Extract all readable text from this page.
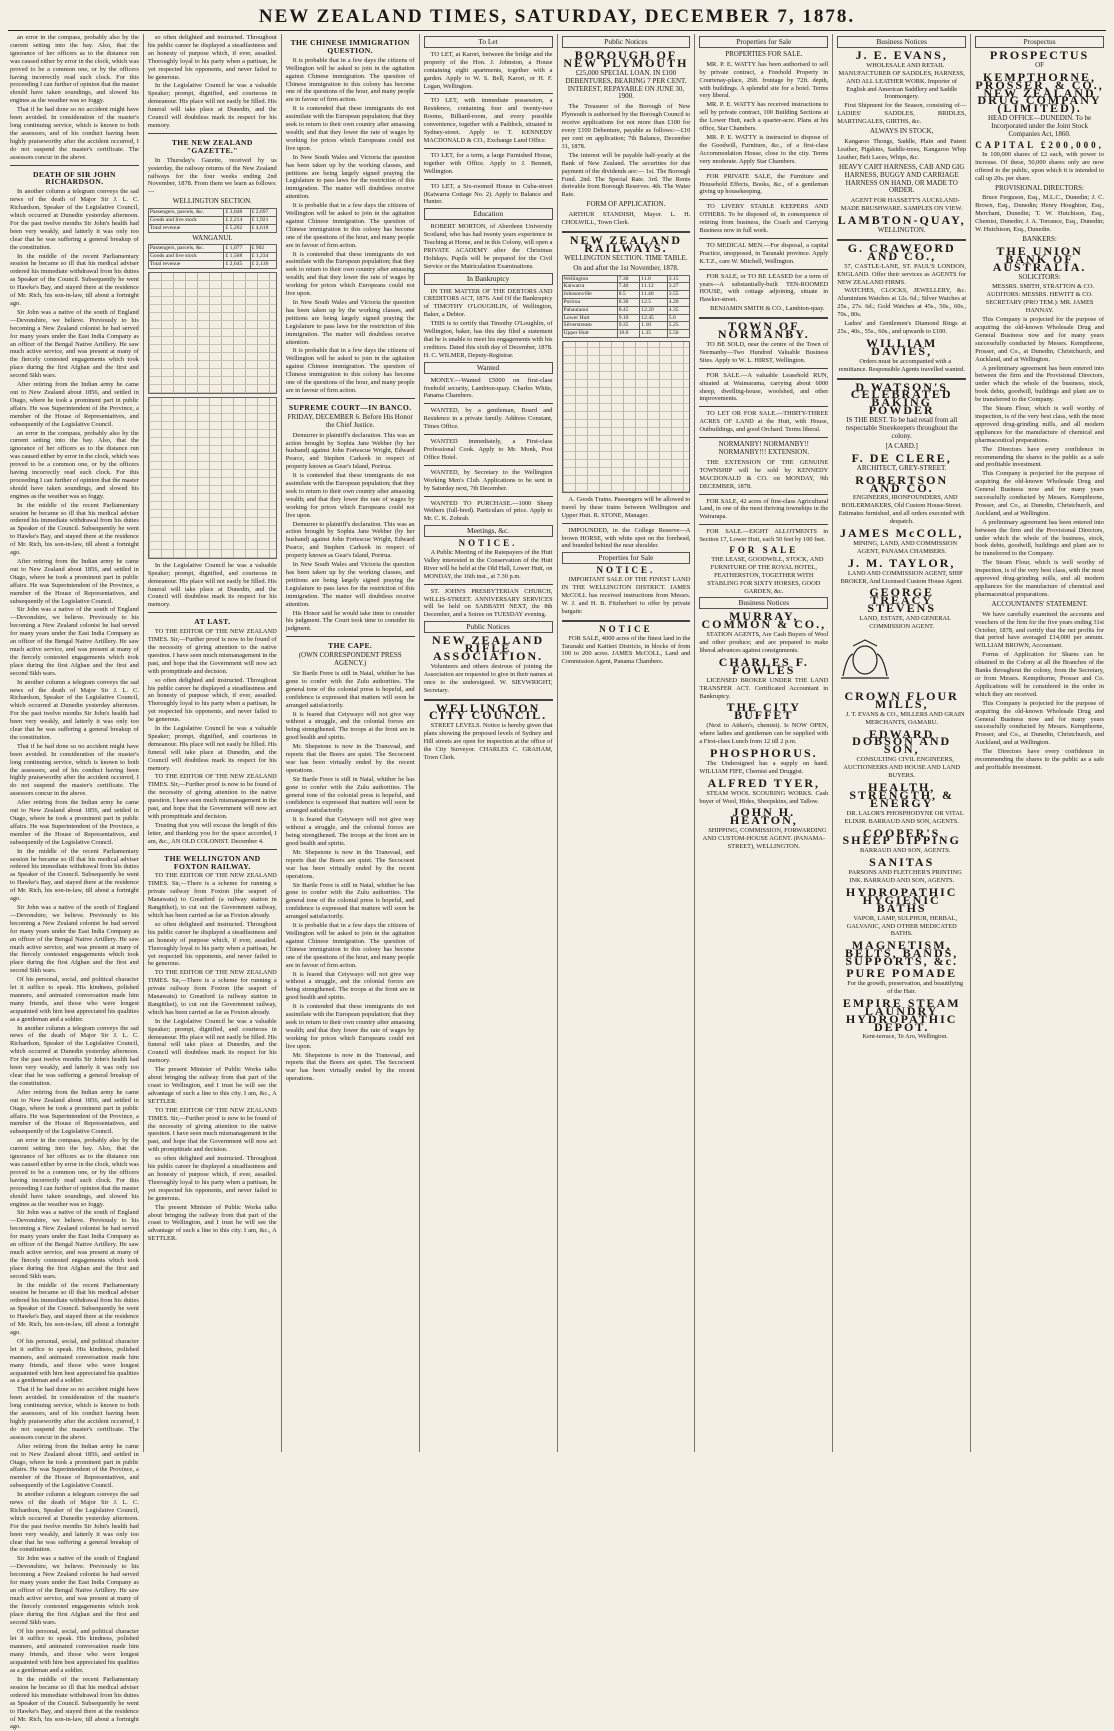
NEW ZEALAND TIMES, SATURDAY, DECEMBER 7, 1878.

an error in the compass, probably also by the current setting into the bay. Also, that the ignorance of her officers as to the distance run was caused either by error in the clock, which was proved to be a common one, or by the officers having incorrectly read such clock. For this proceeding I can further of opinion that the master should have taken soundings, and slowed his engines as the weather was so foggy.

That if he had done so no accident might have been avoided. In consideration of the master's long continuing service, which is known to both the assessors, and of his conduct having been highly praiseworthy after the accident occurred, I do not suspend the master's certificate. The assessors concur in the above.

DEATH OF SIR JOHN RICHARDSON.

In another column a telegram conveys the sad news of the death of Major Sir J. L. C. Richardson, Speaker of the Legislative Council, which occurred at Dunedin yesterday afternoon. For the past twelve months Sir John's health had been very weakly, and latterly it was only too clear that he was suffering a general breakup of the constitution.

In the middle of the recent Parliamentary session he became so ill that his medical adviser ordered his immediate withdrawal from his duties as Speaker of the Council. Subsequently he went to Hawke's Bay, and stayed there at the residence of Mr. Rich, his son-in-law, till about a fortnight ago.

Sir John was a native of the south of England—Devonshire, we believe. Previously to his becoming a New Zealand colonist he had served for many years under the East India Company as an officer of the Bengal Native Artillery. He saw much active service, and was present at many of the fiercely contested engagements which took place during the first Afghan and the first and second Sikh wars.

After retiring from the Indian army he came out to New Zealand about 1856, and settled in Otago, where he took a prominent part in public affairs. He was Superintendent of the Province, a member of the House of Representatives, and subsequently of the Legislative Council.

an error in the compass, probably also by the current setting into the bay. Also, that the ignorance of her officers as to the distance run was caused either by error in the clock, which was proved to be a common one, or by the officers having incorrectly read such clock. For this proceeding I can further of opinion that the master should have taken soundings, and slowed his engines as the weather was so foggy.

In the middle of the recent Parliamentary session he became so ill that his medical adviser ordered his immediate withdrawal from his duties as Speaker of the Council. Subsequently he went to Hawke's Bay, and stayed there at the residence of Mr. Rich, his son-in-law, till about a fortnight ago.

After retiring from the Indian army he came out to New Zealand about 1856, and settled in Otago, where he took a prominent part in public affairs. He was Superintendent of the Province, a member of the House of Representatives, and subsequently of the Legislative Council.

Sir John was a native of the south of England—Devonshire, we believe. Previously to his becoming a New Zealand colonist he had served for many years under the East India Company as an officer of the Bengal Native Artillery. He saw much active service, and was present at many of the fiercely contested engagements which took place during the first Afghan and the first and second Sikh wars.

In another column a telegram conveys the sad news of the death of Major Sir J. L. C. Richardson, Speaker of the Legislative Council, which occurred at Dunedin yesterday afternoon. For the past twelve months Sir John's health had been very weakly, and latterly it was only too clear that he was suffering a general breakup of the constitution.

That if he had done so no accident might have been avoided. In consideration of the master's long continuing service, which is known to both the assessors, and of his conduct having been highly praiseworthy after the accident occurred, I do not suspend the master's certificate. The assessors concur in the above.

After retiring from the Indian army he came out to New Zealand about 1856, and settled in Otago, where he took a prominent part in public affairs. He was Superintendent of the Province, a member of the House of Representatives, and subsequently of the Legislative Council.

In the middle of the recent Parliamentary session he became so ill that his medical adviser ordered his immediate withdrawal from his duties as Speaker of the Council. Subsequently he went to Hawke's Bay, and stayed there at the residence of Mr. Rich, his son-in-law, till about a fortnight ago.

Sir John was a native of the south of England—Devonshire, we believe. Previously to his becoming a New Zealand colonist he had served for many years under the East India Company as an officer of the Bengal Native Artillery. He saw much active service, and was present at many of the fiercely contested engagements which took place during the first Afghan and the first and second Sikh wars.

Of his personal, social, and political character let it suffice to speak. His kindness, polished manners, and animated conversation made him many friends, and those who were longest acquainted with him best appreciated his qualities as a gentleman and a soldier.

In another column a telegram conveys the sad news of the death of Major Sir J. L. C. Richardson, Speaker of the Legislative Council, which occurred at Dunedin yesterday afternoon. For the past twelve months Sir John's health had been very weakly, and latterly it was only too clear that he was suffering a general breakup of the constitution.

After retiring from the Indian army he came out to New Zealand about 1856, and settled in Otago, where he took a prominent part in public affairs. He was Superintendent of the Province, a member of the House of Representatives, and subsequently of the Legislative Council.

an error in the compass, probably also by the current setting into the bay. Also, that the ignorance of her officers as to the distance run was caused either by error in the clock, which was proved to be a common one, or by the officers having incorrectly read such clock. For this proceeding I can further of opinion that the master should have taken soundings, and slowed his engines as the weather was so foggy.

Sir John was a native of the south of England—Devonshire, we believe. Previously to his becoming a New Zealand colonist he had served for many years under the East India Company as an officer of the Bengal Native Artillery. He saw much active service, and was present at many of the fiercely contested engagements which took place during the first Afghan and the first and second Sikh wars.

In the middle of the recent Parliamentary session he became so ill that his medical adviser ordered his immediate withdrawal from his duties as Speaker of the Council. Subsequently he went to Hawke's Bay, and stayed there at the residence of Mr. Rich, his son-in-law, till about a fortnight ago.

Of his personal, social, and political character let it suffice to speak. His kindness, polished manners, and animated conversation made him many friends, and those who were longest acquainted with him best appreciated his qualities as a gentleman and a soldier.

That if he had done so no accident might have been avoided. In consideration of the master's long continuing service, which is known to both the assessors, and of his conduct having been highly praiseworthy after the accident occurred, I do not suspend the master's certificate. The assessors concur in the above.

After retiring from the Indian army he came out to New Zealand about 1856, and settled in Otago, where he took a prominent part in public affairs. He was Superintendent of the Province, a member of the House of Representatives, and subsequently of the Legislative Council.

In another column a telegram conveys the sad news of the death of Major Sir J. L. C. Richardson, Speaker of the Legislative Council, which occurred at Dunedin yesterday afternoon. For the past twelve months Sir John's health had been very weakly, and latterly it was only too clear that he was suffering a general breakup of the constitution.

Sir John was a native of the south of England—Devonshire, we believe. Previously to his becoming a New Zealand colonist he had served for many years under the East India Company as an officer of the Bengal Native Artillery. He saw much active service, and was present at many of the fiercely contested engagements which took place during the first Afghan and the first and second Sikh wars.

Of his personal, social, and political character let it suffice to speak. His kindness, polished manners, and animated conversation made him many friends, and those who were longest acquainted with him best appreciated his qualities as a gentleman and a soldier.

In the middle of the recent Parliamentary session he became so ill that his medical adviser ordered his immediate withdrawal from his duties as Speaker of the Council. Subsequently he went to Hawke's Bay, and stayed there at the residence of Mr. Rich, his son-in-law, till about a fortnight ago.

so often delighted and instructed. Throughout his public career he displayed a steadfastness and an honesty of purpose which, if ever, assailed. Thoroughly loyal to his party when a partisan, he yet respected his opponents, and never failed to be generous.

In the Legislative Council he was a valuable Speaker; prompt, dignified, and courteous in demeanour. His place will not easily be filled. His funeral will take place at Dunedin, and the Council will doubtless mark its respect for his memory.

THE NEW ZEALAND "GAZETTE."

In Thursday's Gazette, received by us yesterday, the railway returns of the New Zealand railways for the four weeks ending 2nd November, 1878. From them we learn as follows:—

WELLINGTON SECTION.
Passengers, parcels, &c.	£ 3,048	£ 2,697
Goods and live stock	£ 2,214	£ 1,921
Total revenue	£ 5,262	£ 4,618
WANGANUI.
Passengers, parcels, &c.	£ 1,077	£ 902
Goods and live stock	£ 1,568	£ 1,234
Total revenue	£ 2,645	£ 2,136

In the Legislative Council he was a valuable Speaker; prompt, dignified, and courteous in demeanour. His place will not easily be filled. His funeral will take place at Dunedin, and the Council will doubtless mark its respect for his memory.

AT LAST.

TO THE EDITOR OF THE NEW ZEALAND TIMES. Sir,—Further proof is now to be found of the necessity of giving attention to the native question. I have seen much mismanagement in the past, and hope that the Government will now act with promptitude and decision.

so often delighted and instructed. Throughout his public career he displayed a steadfastness and an honesty of purpose which, if ever, assailed. Thoroughly loyal to his party when a partisan, he yet respected his opponents, and never failed to be generous.

In the Legislative Council he was a valuable Speaker; prompt, dignified, and courteous in demeanour. His place will not easily be filled. His funeral will take place at Dunedin, and the Council will doubtless mark its respect for his memory.

TO THE EDITOR OF THE NEW ZEALAND TIMES. Sir,—Further proof is now to be found of the necessity of giving attention to the native question. I have seen much mismanagement in the past, and hope that the Government will now act with promptitude and decision.

Trusting that you will excuse the length of this letter, and thanking you for the space accorded, I am, &c., AN OLD COLONIST. December 4.

THE WELLINGTON AND FOXTON RAILWAY.

TO THE EDITOR OF THE NEW ZEALAND TIMES. Sir,—There is a scheme for running a private railway from Foxton (the seaport of Manawatu) to Greatford (a railway station in Rangitikei), to cut out the Government railway, which has been carried as far as Foxton already.

so often delighted and instructed. Throughout his public career he displayed a steadfastness and an honesty of purpose which, if ever, assailed. Thoroughly loyal to his party when a partisan, he yet respected his opponents, and never failed to be generous.

TO THE EDITOR OF THE NEW ZEALAND TIMES. Sir,—There is a scheme for running a private railway from Foxton (the seaport of Manawatu) to Greatford (a railway station in Rangitikei), to cut out the Government railway, which has been carried as far as Foxton already.

In the Legislative Council he was a valuable Speaker; prompt, dignified, and courteous in demeanour. His place will not easily be filled. His funeral will take place at Dunedin, and the Council will doubtless mark its respect for his memory.

The present Minister of Public Works talks about bringing the railway from that part of the coast to Wellington, and I trust he will see the advantage of such a line to this city. I am, &c., A SETTLER.

TO THE EDITOR OF THE NEW ZEALAND TIMES. Sir,—Further proof is now to be found of the necessity of giving attention to the native question. I have seen much mismanagement in the past, and hope that the Government will now act with promptitude and decision.

so often delighted and instructed. Throughout his public career he displayed a steadfastness and an honesty of purpose which, if ever, assailed. Thoroughly loyal to his party when a partisan, he yet respected his opponents, and never failed to be generous.

The present Minister of Public Works talks about bringing the railway from that part of the coast to Wellington, and I trust he will see the advantage of such a line to this city. I am, &c., A SETTLER.

THE CHINESE IMMIGRATION QUESTION.

It is probable that in a few days the citizens of Wellington will be asked to join in the agitation against Chinese immigration. The question of Chinese immigration to this colony has become one of the questions of the hour, and many people are in favour of firm action.

It is contended that these immigrants do not assimilate with the European population; that they seek to return to their own country after amassing wealth; and that they lower the rate of wages by working for prices which Europeans could not live upon.

In New South Wales and Victoria the question has been taken up by the working classes, and petitions are being largely signed praying the Legislature to pass laws for the restriction of this immigration. The matter will doubtless receive attention.

It is probable that in a few days the citizens of Wellington will be asked to join in the agitation against Chinese immigration. The question of Chinese immigration to this colony has become one of the questions of the hour, and many people are in favour of firm action.

It is contended that these immigrants do not assimilate with the European population; that they seek to return to their own country after amassing wealth; and that they lower the rate of wages by working for prices which Europeans could not live upon.

In New South Wales and Victoria the question has been taken up by the working classes, and petitions are being largely signed praying the Legislature to pass laws for the restriction of this immigration. The matter will doubtless receive attention.

It is probable that in a few days the citizens of Wellington will be asked to join in the agitation against Chinese immigration. The question of Chinese immigration to this colony has become one of the questions of the hour, and many people are in favour of firm action.

SUPREME COURT—IN BANCO.
FRIDAY, DECEMBER 6. Before His Honor the Chief Justice.

Demurrer to plaintiff's declaration. This was an action brought by Sophia Jane Webber (by her husband) against John Fortescue Wright, Edward Pearce, and Stephen Carkeek in respect of property known as Gear's Island, Porirua.

It is contended that these immigrants do not assimilate with the European population; that they seek to return to their own country after amassing wealth; and that they lower the rate of wages by working for prices which Europeans could not live upon.

Demurrer to plaintiff's declaration. This was an action brought by Sophia Jane Webber (by her husband) against John Fortescue Wright, Edward Pearce, and Stephen Carkeek in respect of property known as Gear's Island, Porirua.

In New South Wales and Victoria the question has been taken up by the working classes, and petitions are being largely signed praying the Legislature to pass laws for the restriction of this immigration. The matter will doubtless receive attention.

His Honor said he would take time to consider his judgment. The Court took time to consider its judgment.

THE CAPE.
(OWN CORRESPONDENT PRESS AGENCY.)

Sir Bartle Frere is still in Natal, whither he has gone to confer with the Zulu authorities. The general tone of the colonial press is hopeful, and confidence is expressed that matters will soon be arranged satisfactorily.

It is feared that Cetywayo will not give way without a struggle, and the colonial forces are being strengthened. The troops at the front are in good health and spirits.

Mr. Shepstone is now in the Transvaal, and reports that the Boers are quiet. The Secocoeni war has been virtually ended by the recent operations.

Sir Bartle Frere is still in Natal, whither he has gone to confer with the Zulu authorities. The general tone of the colonial press is hopeful, and confidence is expressed that matters will soon be arranged satisfactorily.

It is feared that Cetywayo will not give way without a struggle, and the colonial forces are being strengthened. The troops at the front are in good health and spirits.

Mr. Shepstone is now in the Transvaal, and reports that the Boers are quiet. The Secocoeni war has been virtually ended by the recent operations.

Sir Bartle Frere is still in Natal, whither he has gone to confer with the Zulu authorities. The general tone of the colonial press is hopeful, and confidence is expressed that matters will soon be arranged satisfactorily.

It is probable that in a few days the citizens of Wellington will be asked to join in the agitation against Chinese immigration. The question of Chinese immigration to this colony has become one of the questions of the hour, and many people are in favour of firm action.

It is feared that Cetywayo will not give way without a struggle, and the colonial forces are being strengthened. The troops at the front are in good health and spirits.

It is contended that these immigrants do not assimilate with the European population; that they seek to return to their own country after amassing wealth; and that they lower the rate of wages by working for prices which Europeans could not live upon.

Mr. Shepstone is now in the Transvaal, and reports that the Boers are quiet. The Secocoeni war has been virtually ended by the recent operations.

To Let

TO LET, at Karori, between the bridge and the property of the Hon. J. Johnston, a House containing eight apartments, together with a garden. Apply to W. S. Bell, Karori, or H. F. Logan, Wellington.

TO LET, with immediate possession, a Residence, containing four and twenty-two Rooms, Billiard-room, and every possible convenience, together with a Paddock, situated in Sydney-street. Apply to T. KENNEDY MACDONALD & CO., Exchange Land Office.

TO LET, for a term, a large Furnished House, together with Office. Apply to J. Bennett, Wellington.

TO LET, a Six-roomed House in Cuba-street (Kaiwarra Cottage No. 2). Apply to Balance and Hunter.

Education

ROBERT MORTON, of Aberdeen University Scotland, who has had twenty years experience in Teaching at Home, and in this Colony, will open a PRIVATE ACADEMY after the Christmas Holidays. Pupils will be prepared for the Civil Service or the Matriculation Examinations.

In Bankruptcy

IN THE MATTER OF THE DEBTORS AND CREDITORS ACT, 1876. And Of the Bankruptcy of TIMOTHY O'LOUGHLIN, of Wellington, Baker, a Debtor.

THIS is to certify that Timothy O'Loughlin, of Wellington, baker, has this day filed a statement that he is unable to meet his engagements with his creditors. Dated this sixth day of December, 1878. H. C. WILMER, Deputy-Registrar.

Wanted

MONEY.—Wanted £5000 on first-class freehold security, Lambton-quay. Charles White, Panama Chambers.

WANTED, by a gentleman, Board and Residence in a private family. Address Constant, Times Office.

WANTED immediately, a First-class Professional Cook. Apply to Mr. Monk, Post Office Hotel.

WANTED, by Secretary to the Wellington Working Men's Club. Applications to be sent in by Saturday next, 7th December.

WANTED TO PURCHASE.—1000 Sheep Wethers (full-bred). Particulars of price. Apply to Mr. C. K. Zohrab.

Meetings, &c.
NOTICE.

A Public Meeting of the Ratepayers of the Hutt Valley interested in the Conservation of the Hutt River will be held at the Old Hall, Lower Hutt, on MONDAY, the 16th inst., at 7.30 p.m.

ST. JOHN'S PRESBYTERIAN CHURCH, WILLIS-STREET. ANNIVERSARY SERVICES will be held on SABBATH NEXT, the 8th December, and a Soiree on TUESDAY evening.

Public Notices
NEW ZEALAND RIFLE ASSOCIATION.

Volunteers and others desirous of joining the Association are requested to give in their names at once to the undersigned. W. SIEVWRIGHT, Secretary.

WELLINGTON CITY COUNCIL.

STREET LEVELS. Notice is hereby given that plans showing the proposed levels of Sydney and Hill streets are open for inspection at the office of the City Surveyor. CHARLES C. GRAHAM, Town Clerk.

Public Notices
BOROUGH OF NEW PLYMOUTH
£25,000 SPECIAL LOAN. IN £100 DEBENTURES, BEARING 7 PER CENT. INTEREST, REPAYABLE ON JUNE 30, 1900.

The Treasurer of the Borough of New Plymouth is authorised by the Borough Council to receive applications for not more than £100 for every £100 Debenture, payable as follows:—£10 per cent on application; 7th Balance, December 31, 1878.

The interest will be payable half-yearly at the Bank of New Zealand. The securities for due payment of the dividends are:— 1st. The Borough Fund. 2nd. The Special Rate. 3rd. The Rents derivable from Borough Reserves. 4th. The Water Rate.

FORM OF APPLICATION.

ARTHUR STANDISH, Mayor. L. H. CHOLWILL, Town Clerk.

NEW ZEALAND RAILWAYS.
WELLINGTON SECTION. TIME TABLE.
On and after the 1st November, 1878.
Wellington	7.30	11.0	3.15
Kaiwarra	7.40	11.12	3.27
Johnsonville	8.5	11.40	3.55
Porirua	8.30	12.5	4.20
Pahautanui	8.45	12.20	4.35
Lower Hutt	9.10	12.45	5.0
Silverstream	9.35	1.10	5.25
Upper Hutt	10.0	1.35	5.50

A. Goods Trains. Passengers will be allowed to travel by these trains between Wellington and Upper Hutt. R. STONE, Manager.

IMPOUNDED, in the College Reserve—A brown HORSE, with white spot on the forehead, and branded behind the near shoulder.

Properties for Sale
NOTICE.

IMPORTANT SALE OF THE FINEST LAND IN THE WELLINGTON DISTRICT. JAMES McCOLL has received instructions from Messrs. W. J. and H. B. Fitzherbert to offer by private bargain:

NOTICE

FOR SALE, 4000 acres of the finest land in the Taranaki and Kaitieri Districts, in blocks of from 100 to 200 acres. JAMES McCOLL, Land and Commission Agent, Panama Chambers.

Properties for Sale
PROPERTIES FOR SALE.

MR. P. E. WATTY has been authorised to sell by private contract, a Freehold Property in Courtenay-place, 26ft. frontage by 72ft. depth, with buildings. A splendid site for a hotel. Terms very liberal.

MR. P. E. WATTY has received instructions to sell by private contract, 100 Building Sections at the Lower Hutt, each a quarter-acre. Plans at his office, Star Chambers.

MR. P. E. WATTY is instructed to dispose of the Goodwill, Furniture, &c., of a first-class Accommodation House, close to the city. Terms very moderate. Apply Star Chambers.

FOR PRIVATE SALE, the Furniture and Household Effects, Books, &c., of a gentleman giving up housekeeping.

TO LIVERY STABLE KEEPERS AND OTHERS. To be disposed of, in consequence of retiring from business, the Coach and Carrying Business now in full work.

TO MEDICAL MEN.—For disposal, a capital Practice, unopposed, in Taranaki province. Apply K.T.Z., care W. Mitchell, Wellington.

FOR SALE, or TO BE LEASED for a term of years—A substantially-built TEN-ROOMED HOUSE, with cottage adjoining, situate in Hawker-street.

BENJAMIN SMITH & CO., Lambton-quay.

TOWN OF NORMANBY.

TO BE SOLD, near the centre of the Town of Normanby—Two Hundred Valuable Business Sites. Apply to W. L. HIRST, Wellington.

FOR SALE.—A valuable Leasehold RUN, situated at Waimarama, carrying about 6000 sheep, dwelling-house, woolshed, and other improvements.

TO LET OR FOR SALE.—THIRTY-THREE ACRES OF LAND at the Hutt, with House, Outbuildings, and good Orchard. Terms liberal.

NORMANBY! NORMANBY!! NORMANBY!!! EXTENSION.

THE EXTENSION OF THE GENUINE TOWNSHIP will be sold by KENNEDY MACDONALD & CO. on MONDAY, 9th DECEMBER, 1878.

FOR SALE, 42 acres of first-class Agricultural Land, in one of the most thriving townships in the Wairarapa.

FOR SALE.—EIGHT ALLOTMENTS in Section 17, Lower Hutt, each 50 feet by 100 feet.

FOR SALE

THE LEASE, GOODWILL, STOCK, AND FURNITURE OF THE ROYAL HOTEL, FEATHERSTON, TOGETHER WITH STABLING FOR SIXTY HORSES, GOOD GARDEN, &c.

Business Notices
MURRAY, COMMON & CO.,

STATION AGENTS, Are Cash Buyers of Wool and other produce; and are prepared to make liberal advances against consignments.

CHARLES F. FOWLES

LICENSED BROKER UNDER THE LAND TRANSFER ACT. Certificated Accountant in Bankruptcy.

THE CITY BUFFET

(Next to Aitken's, chemist). Is NOW OPEN, where ladies and gentlemen can be supplied with a First-class Lunch from 12 till 2 p.m.

PHOSPHORUS.

The Undersigned has a supply on hand. WILLIAM FIFE, Chemist and Druggist.

ALFRED TYER,

STEAM WOOL SCOURING WORKS. Cash buyer of Wool, Hides, Sheepskins, and Tallow.

JOHN H. HEATON,

SHIPPING, COMMISSION, FORWARDING AND CUSTOM-HOUSE AGENT. (PANAMA-STREET), WELLINGTON.

Business Notices
J. E. EVANS,

WHOLESALE AND RETAIL MANUFACTURER OF SADDLES, HARNESS, AND ALL LEATHER WORK. Importer of English and American Saddlery and Saddle Ironmongery.

First Shipment for the Season, consisting of—LADIES' SADDLES, BRIDLES, MARTINGALES, GIRTHS, &c.

ALWAYS IN STOCK,

Kangaroo Thongs, Saddle, Plain and Patent Leather, Pigskins, Saddle-trees, Kangaroo Whip Leather, Belt Laces, Whips, &c.

HEAVY CART HARNESS, CAB AND GIG HARNESS, BUGGY AND CARRIAGE HARNESS ON HAND, OR MADE TO ORDER.

AGENT FOR HASSETT'S AUCKLAND-MADE BRUSHWARE. SAMPLES ON VIEW.

LAMBTON-QUAY,
WELLINGTON.
G. CRAWFORD AND CO.,

57, CASTLE-LANE, ST. PAUL'S LONDON, ENGLAND. Offer their services as AGENTS for NEW ZEALAND FIRMS.

WATCHES, CLOCKS, JEWELLERY, &c. Aluminium Watches at 12s. 6d.; Silver Watches at 25s., 27s. 6d.; Gold Watches at 45s., 50s., 60s., 70s., 80s.

Ladies' and Gentlemen's Diamond Rings at 25s., 40s., 55s., 60s., and upwards to £100.

WILLIAM DAVIES,

Orders must be accompanied with a remittance. Responsible Agents travelled wanted.

D WATSON'S CELEBRATED BAKING POWDER
IS THE BEST. To be had retail from all respectable Storekeepers throughout the colony.
[A CARD.]
F. DE CLERE,
ARCHITECT, GREY-STREET.
ROBERTSON AND CO.

ENGINEERS, IRONFOUNDERS, AND BOILERMAKERS, Old Custom House-Street. Estimates furnished, and all orders executed with despatch.

JAMES McCOLL,

MINING, LAND, AND COMMISSION AGENT, PANAMA CHAMBERS.

J. M. TAYLOR,

LAND AND COMMISSION AGENT, SHIP BROKER, And Licensed Custom House Agent.

GEORGE TREACY STEVENS

LAND, ESTATE, AND GENERAL COMMISSION AGENT.

CROWN FLOUR MILLS,

J. T. EVANS & CO., MILLERS AND GRAIN MERCHANTS, OAMARU.

EDWARD DOBSON AND SON,

CONSULTING CIVIL ENGINEERS, AUCTIONEERS AND HOUSE AND LAND BUYERS.

HEALTH, STRENGTH, & ENERGY

DR. LALOR'S PHOSPHODYNE OR VITAL ELIXIR. BARRAUD AND SON, AGENTS.

COOPER'S SHEEP DIPPING

BARRAUD AND SON, AGENTS.

SANITAS

PARSONS AND FLETCHER'S PRINTING INK. BARRAUD AND SON, AGENTS.

HYDROPATHIC HYGIENIC BATHS

VAPOR, LAMP, SULPHUR, HERBAL, GALVANIC, AND OTHER MEDICATED BATHS.

MAGNETISM, BELTS, BANDS, SUPPORTS, &c.
PURE POMADE

For the growth, preservation, and beautifying of the Hair.

EMPIRE STEAM LAUNDRY HYDROPATHIC DEPOT.

Kent-terrace, Te Aro, Wellington.

Prospectus
PROSPECTUS
OF
KEMPTHORNE, PROSSER, & CO., NEW ZEALAND DRUG COMPANY (LIMITED).
HEAD OFFICE—DUNEDIN. To be Incorporated under the Joint Stock Companies Act, 1860.
CAPITAL £200,000,

In 100,000 shares of £2 each, with power to increase. Of these, 50,000 shares only are now offered to the public, upon which it is intended to call up 20s. per share.

PROVISIONAL DIRECTORS:

Bruce Ferguson, Esq., M.L.C., Dunedin; J. C. Brown, Esq., Dunedin; Henry Houghton, Esq., Merchant, Dunedin; T. W. Hutchison, Esq., Chemist, Dunedin; J. A. Torrance, Esq., Dunedin; W. Hutchison, Esq., Dunedin.

BANKERS:
THE UNION BANK OF AUSTRALIA.
SOLICITORS:

MESSRS. SMITH, STRATTON & CO. AUDITORS: MESSRS. HEWITT & CO. SECRETARY (PRO TEM.): MR. JAMES HANNAY.

This Company is projected for the purpose of acquiring the old-known Wholesale Drug and General Business now and for many years successfully conducted by Messrs. Kempthorne, Prosser, and Co., at Dunedin, Christchurch, and Auckland, and at Wellington.

A preliminary agreement has been entered into between the firm and the Provisional Directors, under which the whole of the business, stock, book debts, goodwill, buildings and plant are to be transferred to the Company.

The Steam Flour, which is well worthy of inspection, is of the very best class, with the most approved drug-grinding mills, and all modern appliances for the manufacture of chemical and pharmaceutical preparations.

The Directors have every confidence in recommending the shares to the public as a safe and profitable investment.

This Company is projected for the purpose of acquiring the old-known Wholesale Drug and General Business now and for many years successfully conducted by Messrs. Kempthorne, Prosser, and Co., at Dunedin, Christchurch, and Auckland, and at Wellington.

A preliminary agreement has been entered into between the firm and the Provisional Directors, under which the whole of the business, stock, book debts, goodwill, buildings and plant are to be transferred to the Company.

The Steam Flour, which is well worthy of inspection, is of the very best class, with the most approved drug-grinding mills, and all modern appliances for the manufacture of chemical and pharmaceutical preparations.

ACCOUNTANTS' STATEMENT.

We have carefully examined the accounts and vouchers of the firm for the five years ending 31st October, 1878, and certify that the net profits for that period have averaged £14,000 per annum. WILLIAM BROWN, Accountant.

Forms of Application for Shares can be obtained in the Colony at all the Branches of the Banks throughout the colony, from the Secretary, or from Messrs. Kempthorne, Prosser and Co. Applications will be considered in the order in which they are received.

This Company is projected for the purpose of acquiring the old-known Wholesale Drug and General Business now and for many years successfully conducted by Messrs. Kempthorne, Prosser, and Co., at Dunedin, Christchurch, and Auckland, and at Wellington.

The Directors have every confidence in recommending the shares to the public as a safe and profitable investment.
